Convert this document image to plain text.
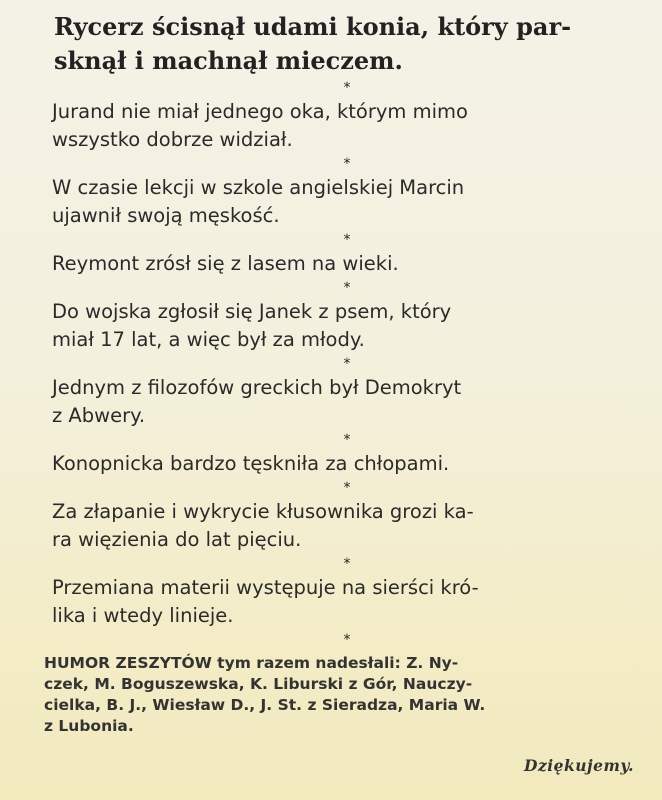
Rycerz ścisnął udami konia, który par-
sknął i machnął mieczem.
*

Jurand nie miał jednego oka, którym mimo
wszystko dobrze widział.

*

W czasie lekcji w szkole angielskiej Marcin
ujawnił swoją męskość.

*

Reymont zrósł się z lasem na wieki.

*

Do wojska zgłosił się Janek z psem, który
miał 17 lat, a więc był za młody.

*

Jednym z filozofów greckich był Demokryt
z Abwery.

*

Konopnicka bardzo tęskniła za chłopami.

*

Za złapanie i wykrycie kłusownika grozi ka-
ra więzienia do lat pięciu.

*

Przemiana materii występuje na sierści kró-
lika i wtedy linieje.

*
HUMOR ZESZYTÓW tym razem nadesłali: Z. Ny-
czek, M. Boguszewska, K. Liburski z Gór, Nauczy-
cielka, B. J., Wiesław D., J. St. z Sieradza, Maria W.
z Lubonia.
Dziękujemy.
